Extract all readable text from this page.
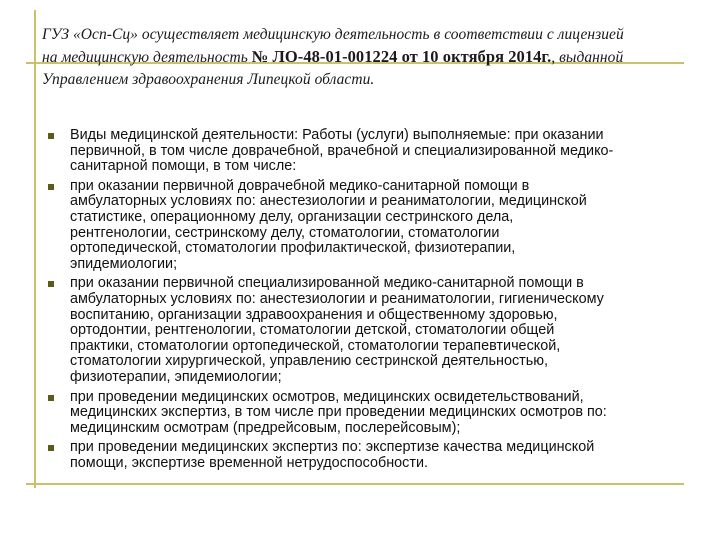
ГУЗ «Осп-Сц» осуществляет медицинскую деятельность в соответствии с лицензией
на медицинскую деятельность № ЛО-48-01-001224 от 10 октября 2014г., выданной
Управлением здравоохранения Липецкой области.
Виды медицинской деятельности: Работы (услуги) выполняемые: при оказании
первичной, в том числе доврачебной, врачебной и специализированной медико-
санитарной помощи, в том числе:
при оказании первичной доврачебной медико-санитарной помощи в
амбулаторных условиях по: анестезиологии и реаниматологии, медицинской
статистике, операционному делу, организации сестринского дела,
рентгенологии, сестринскому делу, стоматологии, стоматологии
ортопедической, стоматологии профилактической, физиотерапии,
эпидемиологии;
при оказании первичной специализированной медико-санитарной помощи в
амбулаторных условиях по: анестезиологии и реаниматологии, гигиеническому
воспитанию, организации здравоохранения и общественному здоровью,
ортодонтии, рентгенологии, стоматологии детской, стоматологии общей
практики, стоматологии ортопедической, стоматологии терапевтической,
стоматологии хирургической, управлению сестринской деятельностью,
физиотерапии, эпидемиологии;
при проведении медицинских осмотров, медицинских освидетельствований,
медицинских экспертиз, в том числе при проведении медицинских осмотров по:
медицинским осмотрам (предрейсовым, послерейсовым);
при проведении медицинских экспертиз по: экспертизе качества медицинской
помощи, экспертизе временной нетрудоспособности.
